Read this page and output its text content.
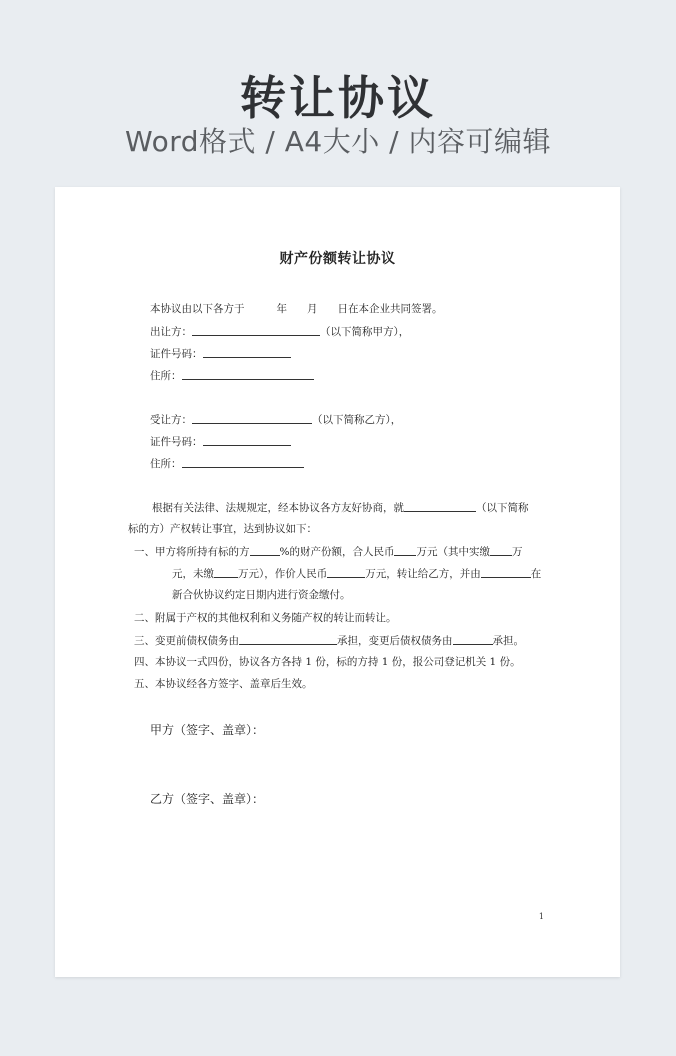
转让协议
Word格式 / A4大小 / 内容可编辑
财产份额转让协议
本协议由以下各方于	年 月 日在本企业共同签署。
出让方：	（以下简称甲方），
证件号码：
住所：
受让方：	（以下简称乙方），
证件号码：
住所：
根据有关法律、法规规定，经本协议各方友好协商，就	（以下简称
标的方）产权转让事宜，达到协议如下：
一、甲方将所持有标的方	%的财产份额，合人民币 万元（其中实缴 万
元，未缴 万元），作价人民币	万元，转让给乙方，并由	在
新合伙协议约定日期内进行资金缴付。
二、附属于产权的其他权利和义务随产权的转让而转让。
三、变更前债权债务由	承担，变更后债权债务由	承担。
四、本协议一式四份，协议各方各持 1 份，标的方持 1 份，报公司登记机关 1 份。
五、本协议经各方签字、盖章后生效。
甲方（签字、盖章）：
乙方（签字、盖章）：
1
